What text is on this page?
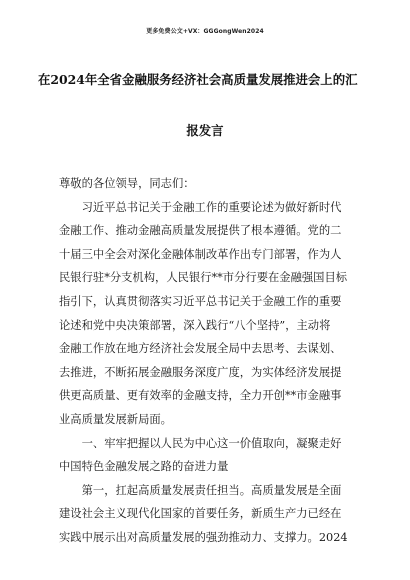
更多免费公文+VX：GGGongWen2024
在2024年全省金融服务经济社会高质量发展推进会上的汇
报发言
尊敬的各位领导，同志们：
　　习近平总书记关于金融工作的重要论述为做好新时代
金融工作、推动金融高质量发展提供了根本遵循。党的二
十届三中全会对深化金融体制改革作出专门部署，作为人
民银行驻*分支机构，人民银行**市分行要在金融强国目标
指引下，认真贯彻落实习近平总书记关于金融工作的重要
论述和党中央决策部署，深入践行“八个坚持”，主动将
金融工作放在地方经济社会发展全局中去思考、去谋划、
去推进，不断拓展金融服务深度广度，为实体经济发展提
供更高质量、更有效率的金融支持，全力开创**市金融事
业高质量发展新局面。
　　一、牢牢把握以人民为中心这一价值取向，凝聚走好
中国特色金融发展之路的奋进力量
　　第一，扛起高质量发展责任担当。高质量发展是全面
建设社会主义现代化国家的首要任务，新质生产力已经在
实践中展示出对高质量发展的强劲推动力、支撑力。2024
